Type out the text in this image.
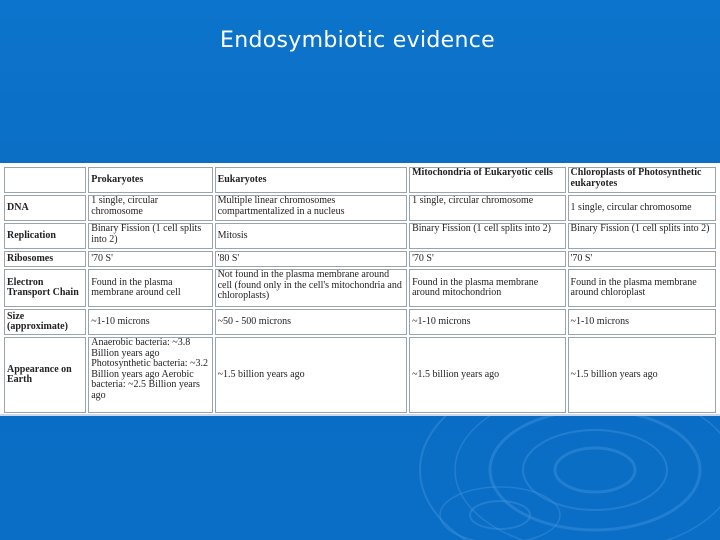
Endosymbiotic evidence
	Prokaryotes	Eukaryotes	Mitochondria of Eukaryotic cells	Chloroplasts of Photosynthetic eukaryotes
DNA	1 single, circular chromosome	Multiple linear chromosomes compartmentalized in a nucleus	1 single, circular chromosome	1 single, circular chromosome
Replication	Binary Fission (1 cell splits into 2)	Mitosis	Binary Fission (1 cell splits into 2)	Binary Fission (1 cell splits into 2)
Ribosomes	'70 S'	'80 S'	'70 S'	'70 S'
Electron Transport Chain	Found in the plasma membrane around cell	Not found in the plasma membrane around cell (found only in the cell's mitochondria and chloroplasts)	Found in the plasma membrane around mitochondrion	Found in the plasma membrane around chloroplast
Size (approximate)	~1-10 microns	~50 - 500 microns	~1-10 microns	~1-10 microns
Appearance on Earth	Anaerobic bacteria: ~3.8 Billion years ago Photosynthetic bacteria: ~3.2 Billion years ago Aerobic bacteria: ~2.5 Billion years ago	~1.5 billion years ago	~1.5 billion years ago	~1.5 billion years ago
